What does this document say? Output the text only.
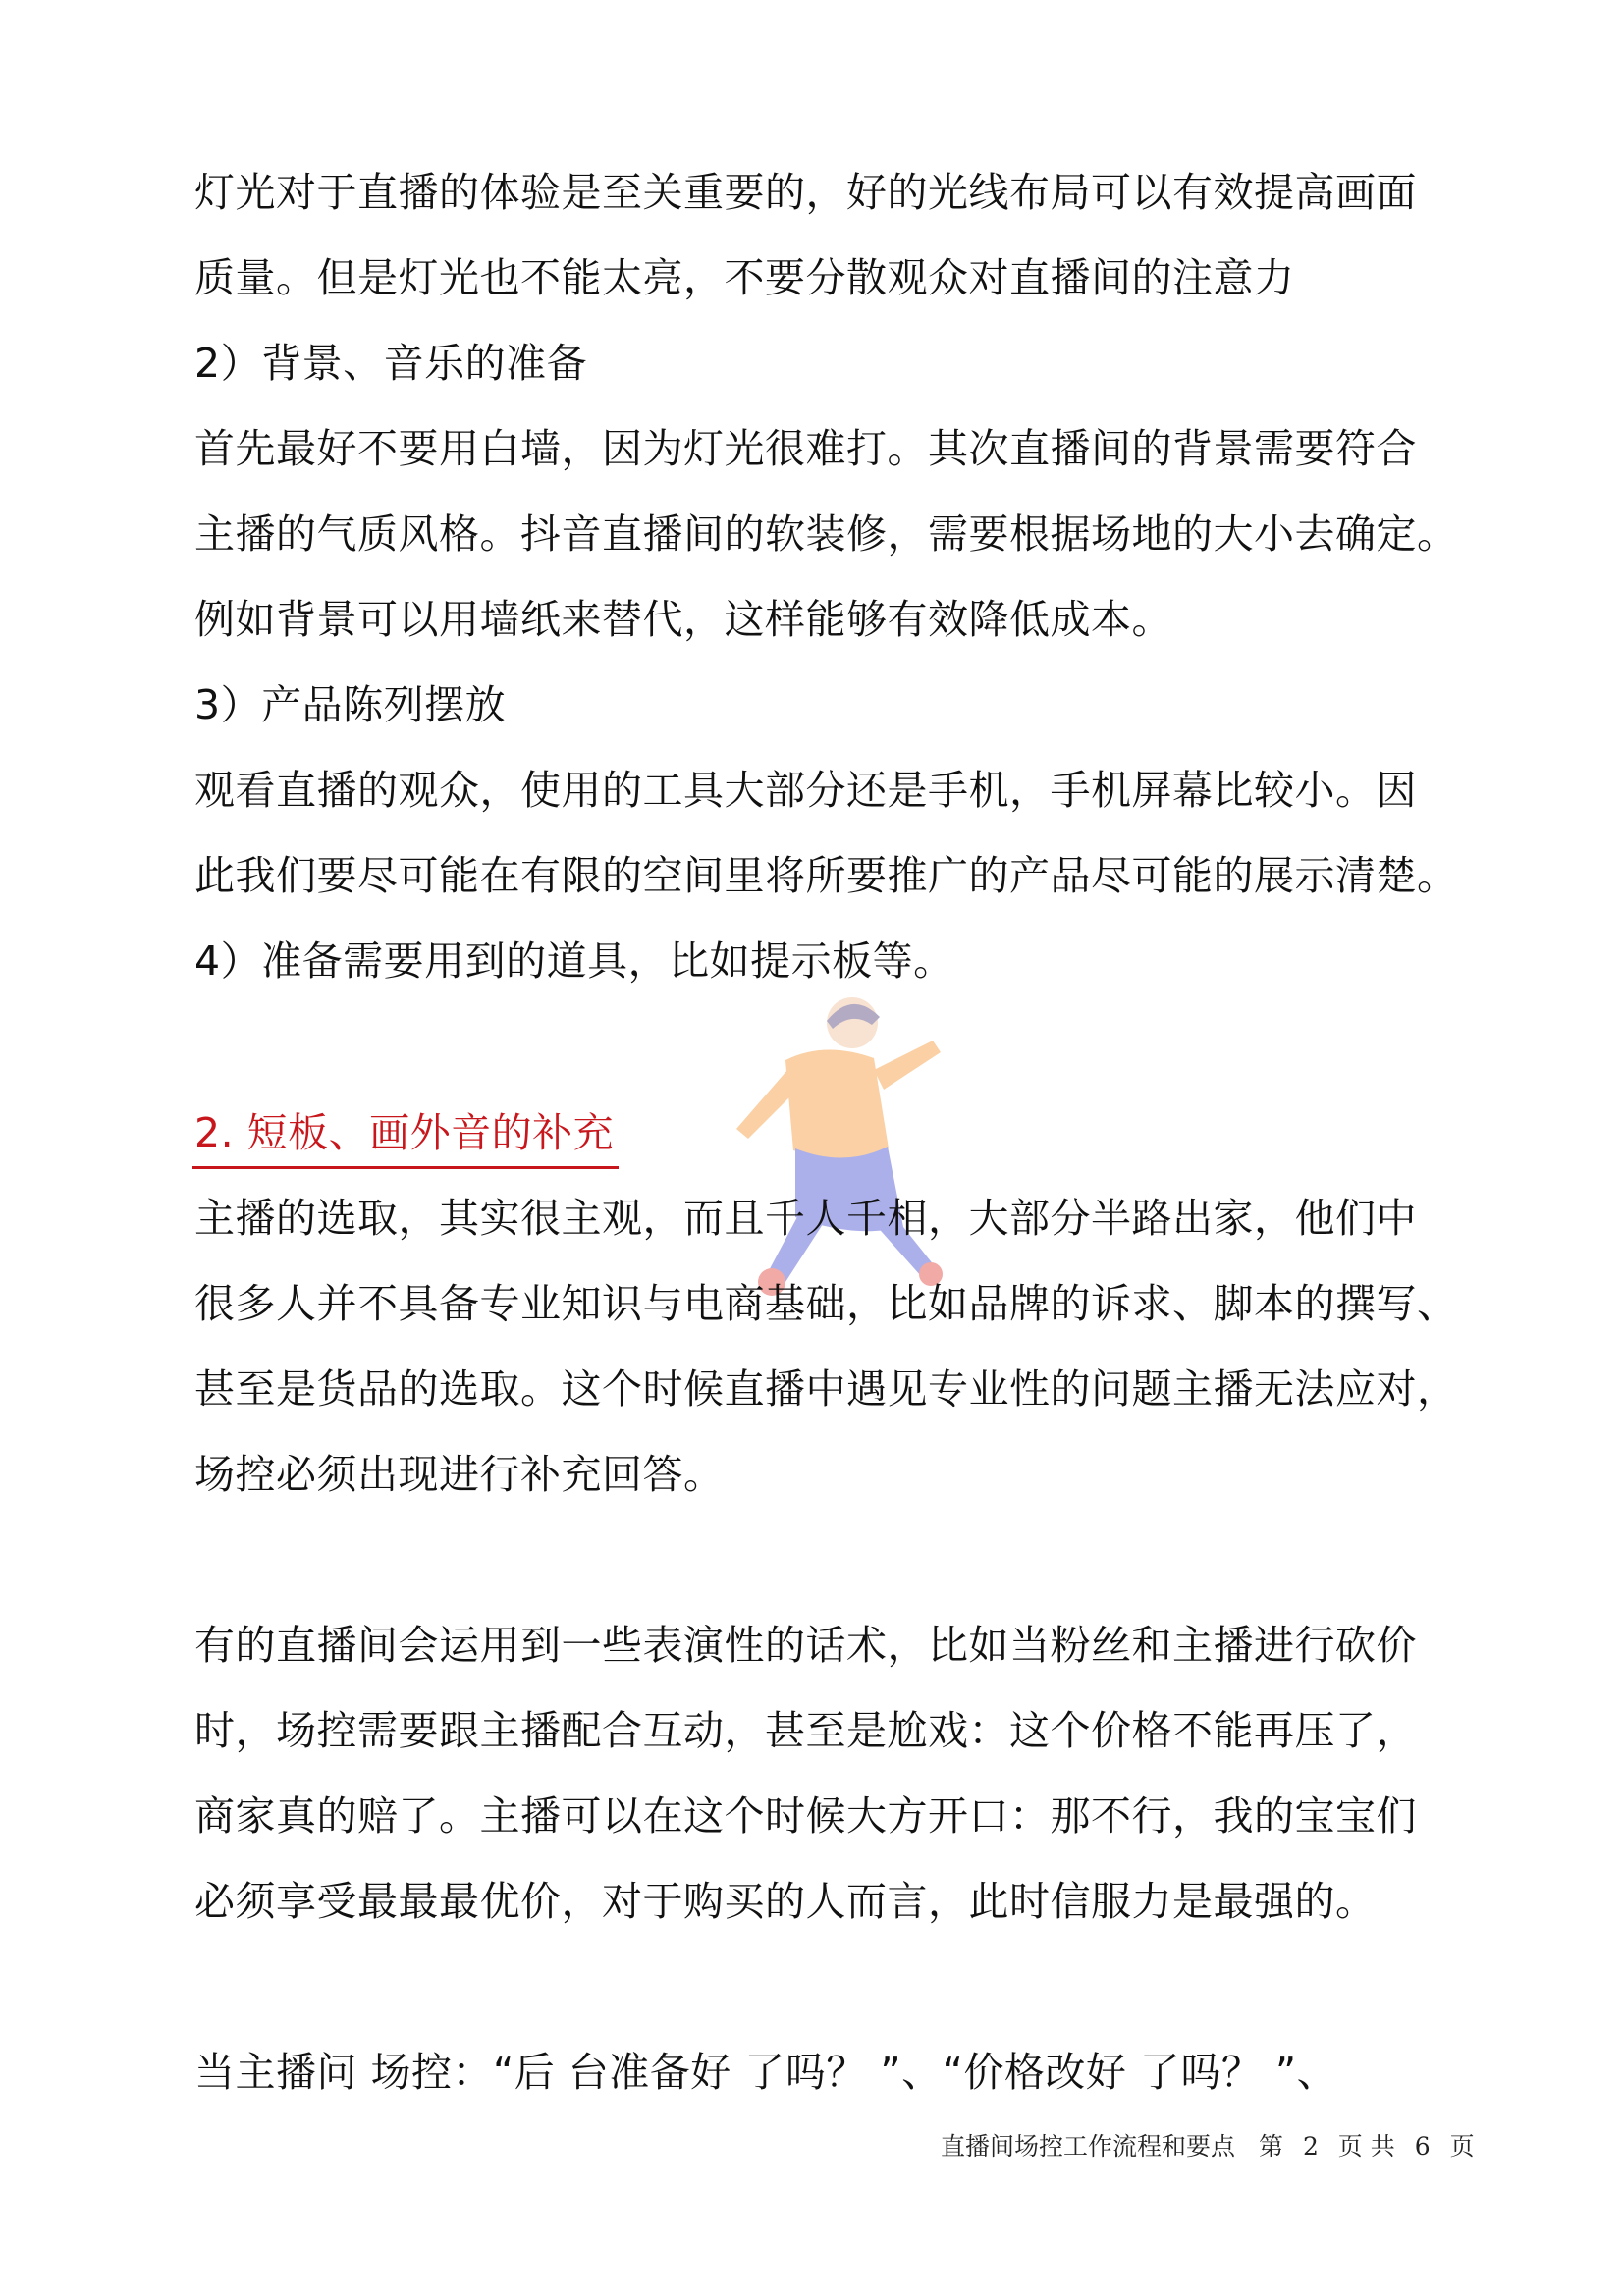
灯光对于直播的体验是至关重要的，好的光线布局可以有效提高画面
质量。但是灯光也不能太亮，不要分散观众对直播间的注意力
2）背景、音乐的准备
首先最好不要用白墙，因为灯光很难打。其次直播间的背景需要符合
主播的气质风格。抖音直播间的软装修，需要根据场地的大小去确定。
例如背景可以用墙纸来替代，这样能够有效降低成本。
3）产品陈列摆放
观看直播的观众，使用的工具大部分还是手机，手机屏幕比较小。因
此我们要尽可能在有限的空间里将所要推广的产品尽可能的展示清楚。
4）准备需要用到的道具，比如提示板等。
2. 短板、画外音的补充
主播的选取，其实很主观，而且千人千相，大部分半路出家，他们中
很多人并不具备专业知识与电商基础，比如品牌的诉求、脚本的撰写、
甚至是货品的选取。这个时候直播中遇见专业性的问题主播无法应对，
场控必须出现进行补充回答。
有的直播间会运用到一些表演性的话术，比如当粉丝和主播进行砍价
时，场控需要跟主播配合互动，甚至是尬戏：这个价格不能再压了，
商家真的赔了。主播可以在这个时候大方开口：那不行，我的宝宝们
必须享受最最最优价，对于购买的人而言，此时信服力是最强的。
当主播问 场控：“后 台准备好 了吗？ ”、“价格改好 了吗？ ”、
直播间场控工作流程和要点 第 2 页 共 6 页
